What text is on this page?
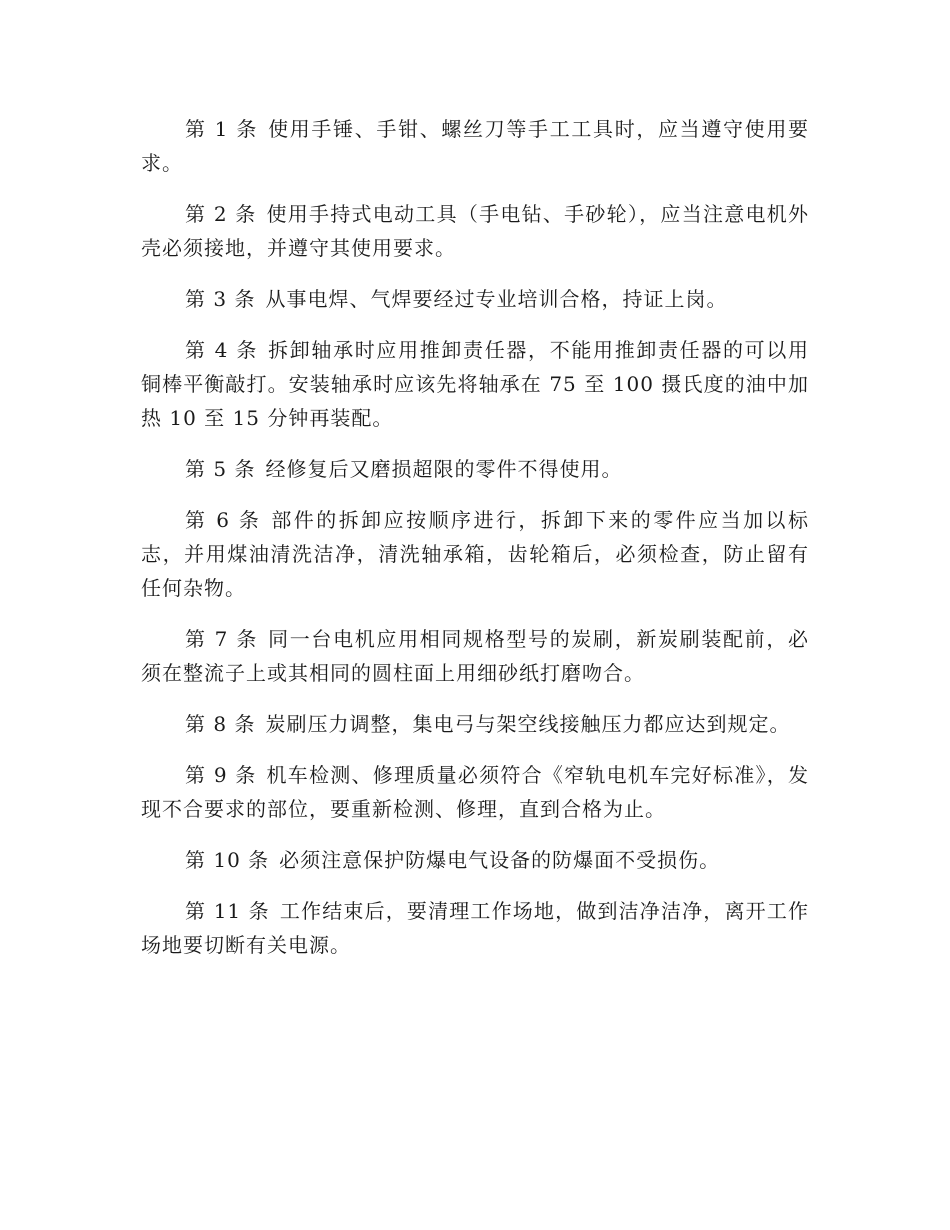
第 1 条 使用手锤、手钳、螺丝刀等手工工具时，应当遵守使用要求。

第 2 条 使用手持式电动工具（手电钻、手砂轮），应当注意电机外壳必须接地，并遵守其使用要求。

第 3 条 从事电焊、气焊要经过专业培训合格，持证上岗。

第 4 条 拆卸轴承时应用推卸责任器，不能用推卸责任器的可以用铜棒平衡敲打。安装轴承时应该先将轴承在 75 至 100 摄氏度的油中加热 10 至 15 分钟再装配。

第 5 条 经修复后又磨损超限的零件不得使用。

第 6 条 部件的拆卸应按顺序进行，拆卸下来的零件应当加以标志，并用煤油清洗洁净，清洗轴承箱，齿轮箱后，必须检查，防止留有任何杂物。

第 7 条 同一台电机应用相同规格型号的炭刷，新炭刷装配前，必须在整流子上或其相同的圆柱面上用细砂纸打磨吻合。

第 8 条 炭刷压力调整，集电弓与架空线接触压力都应达到规定。

第 9 条 机车检测、修理质量必须符合《窄轨电机车完好标准》，发现不合要求的部位，要重新检测、修理，直到合格为止。

第 10 条 必须注意保护防爆电气设备的防爆面不受损伤。

第 11 条 工作结束后，要清理工作场地，做到洁净洁净，离开工作场地要切断有关电源。
